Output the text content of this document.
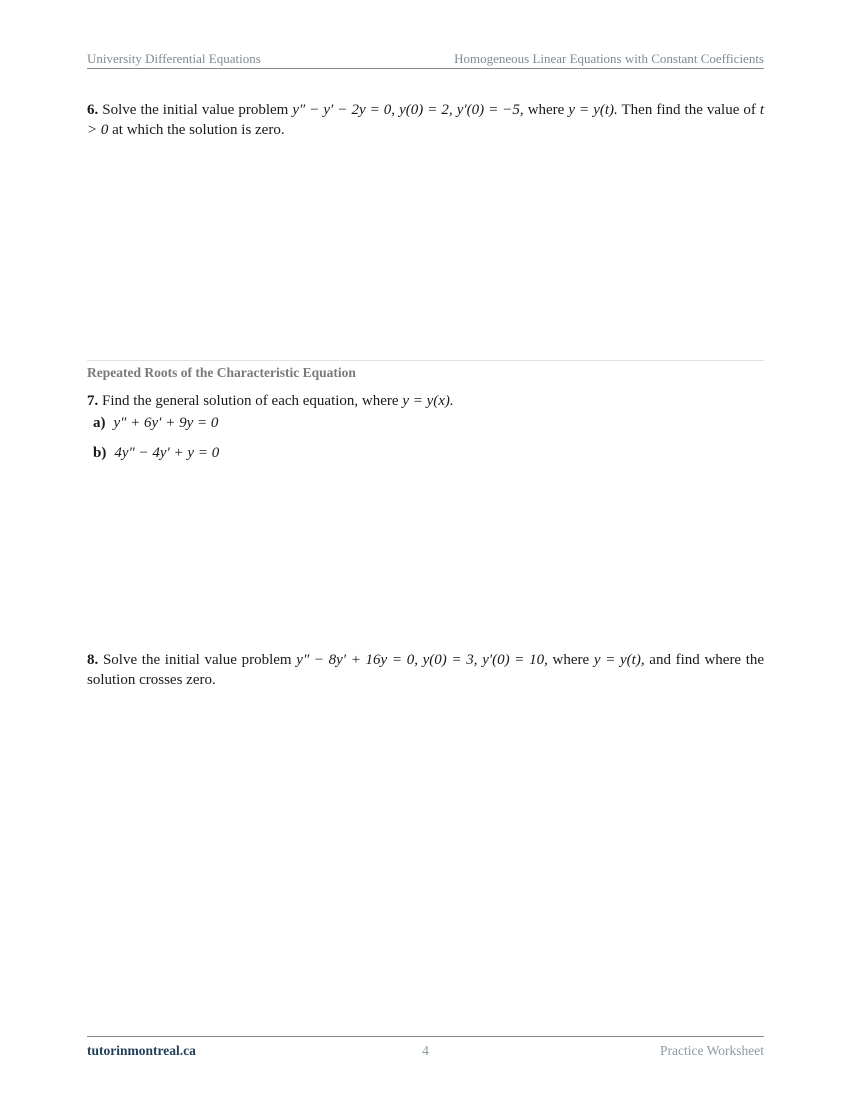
University Differential Equations	Homogeneous Linear Equations with Constant Coefficients
6. Solve the initial value problem y″ − y′ − 2y = 0, y(0) = 2, y′(0) = −5, where y = y(t). Then find the value of t > 0 at which the solution is zero.
Repeated Roots of the Characteristic Equation
7. Find the general solution of each equation, where y = y(x).
a) y″ + 6y′ + 9y = 0
b) 4y″ − 4y′ + y = 0
8. Solve the initial value problem y″ − 8y′ + 16y = 0, y(0) = 3, y′(0) = 10, where y = y(t), and find where the solution crosses zero.
tutorinmontreal.ca	4	Practice Worksheet
